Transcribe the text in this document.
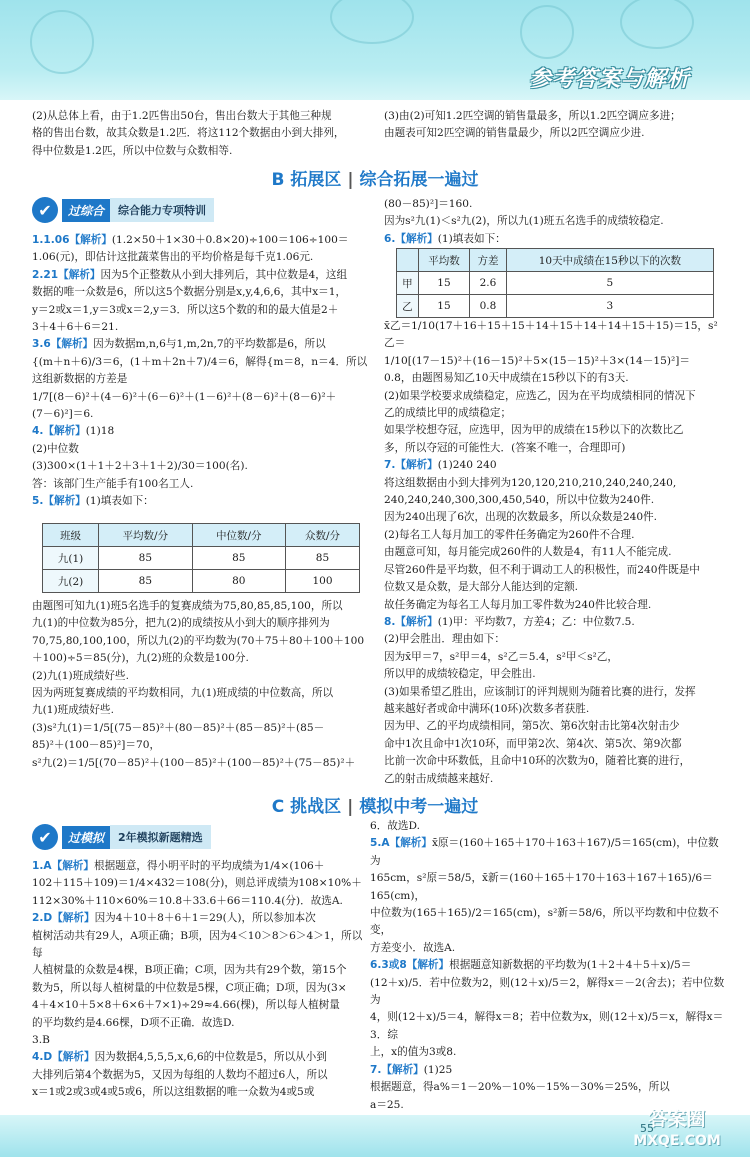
参考答案与解析

(2)从总体上看，由于1.2匹售出50台，售出台数大于其他三种规

格的售出台数，故其众数是1.2匹．将这112个数据由小到大排列，

得中位数是1.2匹，所以中位数与众数相等.

(3)由(2)可知1.2匹空调的销售量最多，所以1.2匹空调应多进；

由题表可知2匹空调的销售量最少，所以2匹空调应少进.

B 拓展区 | 综合拓展一遍过
✔	过综合	综合能力专项特训

1.1.06【解析】(1.2×50＋1×30＋0.8×20)÷100＝106÷100＝

1.06(元)，即估计这批蔬菜售出的平均价格是每千克1.06元.

2.21【解析】因为5个正整数从小到大排列后，其中位数是4，这组

数据的唯一众数是6，所以这5个数据分别是x,y,4,6,6，其中x＝1，

y＝2或x＝1,y＝3或x＝2,y＝3．所以这5个数的和的最大值是2＋

3＋4＋6＋6＝21.

3.6【解析】因为数据m,n,6与1,m,2n,7的平均数都是6，所以

{(m＋n＋6)/3＝6，(1＋m＋2n＋7)/4＝6，解得{m＝8，n＝4．所以这组新数据的方差是

1/7[(8－6)²＋(4－6)²＋(6－6)²＋(1－6)²＋(8－6)²＋(8－6)²＋

(7－6)²]＝6.

4.【解析】(1)18

(2)中位数

(3)300×(1＋1＋2＋3＋1＋2)/30＝100(名).

答：该部门生产能手有100名工人.

5.【解析】(1)填表如下：

班级	平均数/分	中位数/分	众数/分
九(1)	85	85	85
九(2)	85	80	100

由题图可知九(1)班5名选手的复赛成绩为75,80,85,85,100，所以

九(1)的中位数为85分，把九(2)的成绩按从小到大的顺序排列为

70,75,80,100,100，所以九(2)的平均数为(70＋75＋80＋100＋100

＋100)÷5＝85(分)，九(2)班的众数是100分.

(2)九(1)班成绩好些.

因为两班复赛成绩的平均数相同，九(1)班成绩的中位数高，所以

九(1)班成绩好些.

(3)s²九(1)＝1/5[(75－85)²＋(80－85)²＋(85－85)²＋(85－

85)²＋(100－85)²]＝70，

s²九(2)＝1/5[(70－85)²＋(100－85)²＋(100－85)²＋(75－85)²＋

(80－85)²]＝160.

因为s²九(1)＜s²九(2)，所以九(1)班五名选手的成绩较稳定.

6.【解析】(1)填表如下：

	平均数	方差	10天中成绩在15秒以下的次数
甲	15	2.6	5
乙	15	0.8	3

x̄乙＝1/10(17＋16＋15＋15＋14＋15＋14＋14＋15＋15)＝15，s²乙＝

1/10[(17－15)²＋(16－15)²＋5×(15－15)²＋3×(14－15)²]＝

0.8，由题图易知乙10天中成绩在15秒以下的有3天.

(2)如果学校要求成绩稳定，应选乙，因为在平均成绩相同的情况下

乙的成绩比甲的成绩稳定；

如果学校想夺冠，应选甲，因为甲的成绩在15秒以下的次数比乙

多，所以夺冠的可能性大．(答案不唯一，合理即可)

7.【解析】(1)240 240

将这组数据由小到大排列为120,120,210,210,240,240,240,

240,240,240,300,300,450,540，所以中位数为240件.

因为240出现了6次，出现的次数最多，所以众数是240件.

(2)每名工人每月加工的零件任务确定为260件不合理.

由题意可知，每月能完成260件的人数是4，有11人不能完成.

尽管260件是平均数，但不利于调动工人的积极性，而240件既是中

位数又是众数，是大部分人能达到的定额.

故任务确定为每名工人每月加工零件数为240件比较合理.

8.【解析】(1)甲：平均数7，方差4；乙：中位数7.5.

(2)甲会胜出．理由如下：

因为x̄甲＝7，s²甲＝4，s²乙＝5.4，s²甲＜s²乙，

所以甲的成绩较稳定，甲会胜出.

(3)如果希望乙胜出，应该制订的评判规则为随着比赛的进行，发挥

越来越好者或命中满环(10环)次数多者获胜.

因为甲、乙的平均成绩相同，第5次、第6次射击比第4次射击少

命中1次且命中1次10环，而甲第2次、第4次、第5次、第9次都

比前一次命中环数低，且命中10环的次数为0，随着比赛的进行，

乙的射击成绩越来越好.

C 挑战区 | 模拟中考一遍过
✔	过模拟	2年模拟新题精选

1.A【解析】根据题意，得小明平时的平均成绩为1/4×(106＋

102＋115＋109)＝1/4×432＝108(分)，则总评成绩为108×10%＋

112×30%＋110×60%＝10.8＋33.6＋66＝110.4(分)．故选A.

2.D【解析】因为4＋10＋8＋6＋1＝29(人)，所以参加本次

植树活动共有29人，A项正确；B项，因为4＜10＞8＞6＞4＞1，所以每

人植树量的众数是4棵，B项正确；C项，因为共有29个数，第15个

数为5，所以每人植树量的中位数是5棵，C项正确；D项，因为(3×

4＋4×10＋5×8＋6×6＋7×1)÷29≈4.66(棵)，所以每人植树量

的平均数约是4.66棵，D项不正确．故选D.

3.B

4.D【解析】因为数据4,5,5,5,x,6,6的中位数是5，所以从小到

大排列后第4个数据为5，又因为每组的人数均不超过6人，所以

x＝1或2或3或4或5或6，所以这组数据的唯一众数为4或5或

6．故选D.

5.A【解析】x̄原＝(160＋165＋170＋163＋167)/5＝165(cm)，中位数为

165cm，s²原＝58/5，x̄新＝(160＋165＋170＋163＋167＋165)/6＝165(cm)，

中位数为(165＋165)/2＝165(cm)，s²新＝58/6，所以平均数和中位数不变，

方差变小．故选A.

6.3或8【解析】根据题意知新数据的平均数为(1＋2＋4＋5＋x)/5＝

(12＋x)/5．若中位数为2，则(12＋x)/5＝2，解得x＝－2(舍去)；若中位数为

4，则(12＋x)/5＝4，解得x＝8；若中位数为x，则(12＋x)/5＝x，解得x＝3．综

上，x的值为3或8.

7.【解析】(1)25

根据题意，得a%＝1－20%－10%－15%－30%＝25%，所以

a＝25.

55
答案圈
MXQE.COM
